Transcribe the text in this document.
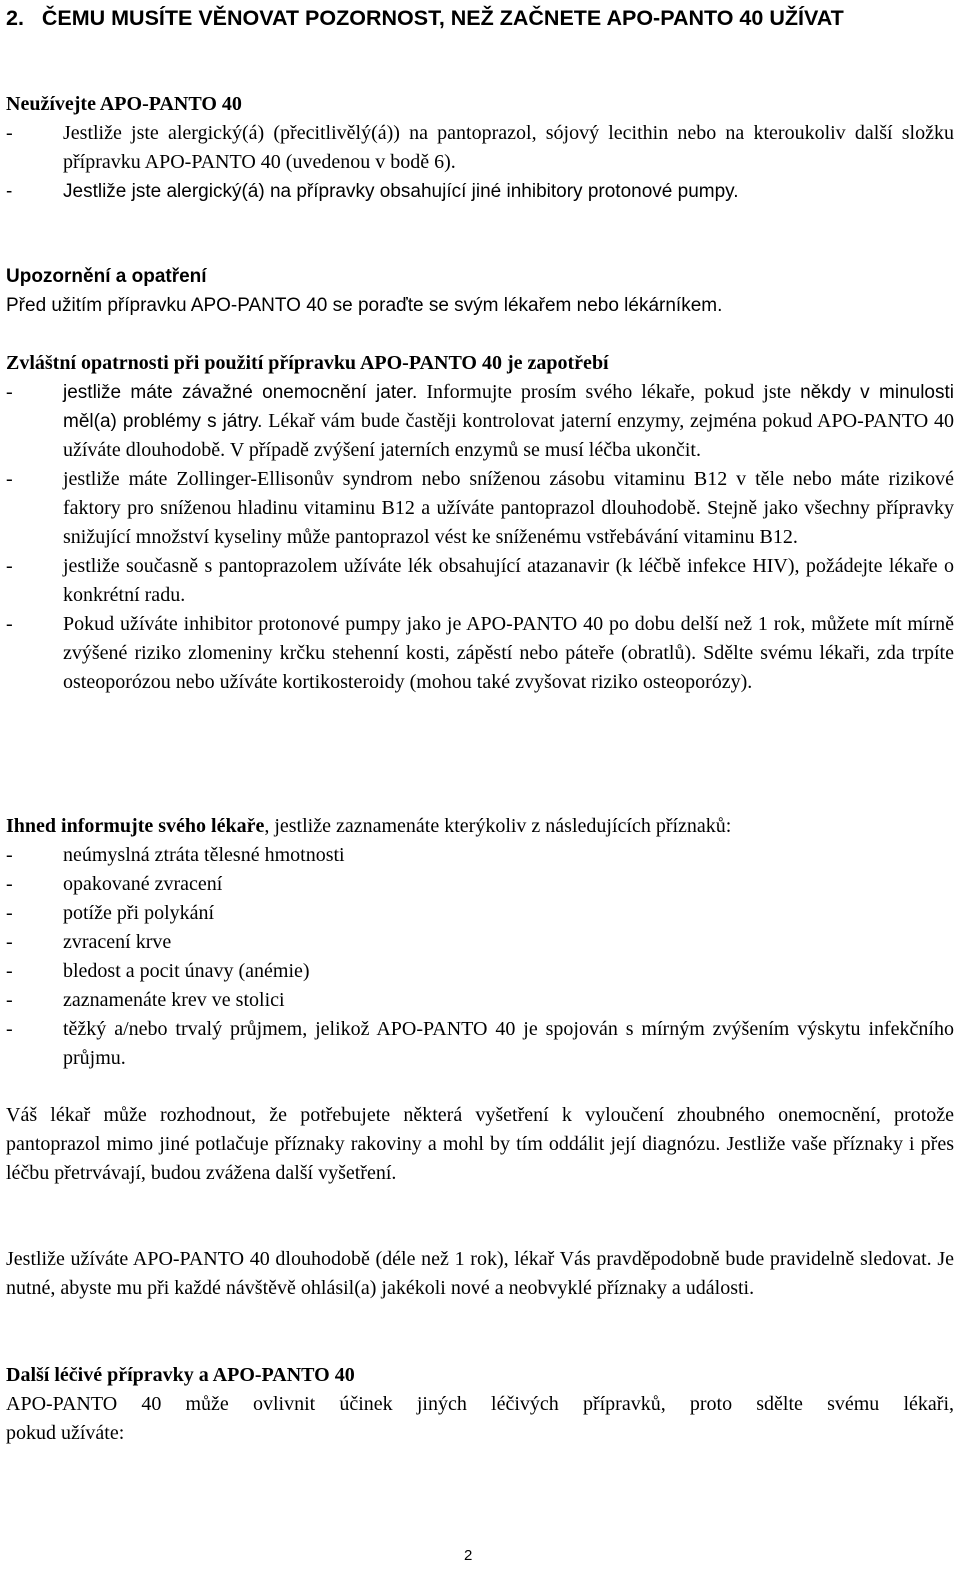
2.   ČEMU MUSÍTE VĚNOVAT POZORNOST, NEŽ ZAČNETE APO-PANTO 40 UŽÍVAT
Neužívejte APO-PANTO 40
- Jestliže jste alergický(á) (přecitlivělý(á)) na pantoprazol, sójový lecithin nebo na kteroukoliv další složku přípravku APO-PANTO 40 (uvedenou v bodě 6).
- Jestliže jste alergický(á) na přípravky obsahující jiné inhibitory protonové pumpy.
Upozornění a opatření

Před užitím přípravku APO-PANTO 40 se poraďte se svým lékařem nebo lékárníkem.

Zvláštní opatrnosti při použití přípravku APO-PANTO 40 je zapotřebí
- jestliže máte závažné onemocnění jater. Informujte prosím svého lékaře, pokud jste někdy v minulosti měl(a) problémy s játry. Lékař vám bude častěji kontrolovat jaterní enzymy, zejména pokud APO-PANTO 40 užíváte dlouhodobě. V případě zvýšení jaterních enzymů se musí léčba ukončit.
- jestliže máte Zollinger-Ellisonův syndrom nebo sníženou zásobu vitaminu B12 v těle nebo máte rizikové faktory pro sníženou hladinu vitaminu B12 a užíváte pantoprazol dlouhodobě. Stejně jako všechny přípravky snižující množství kyseliny může pantoprazol vést ke sníženému vstřebávání vitaminu B12.
- jestliže současně s pantoprazolem užíváte lék obsahující atazanavir (k léčbě infekce HIV), požádejte lékaře o konkrétní radu.
- Pokud užíváte inhibitor protonové pumpy jako je APO-PANTO 40 po dobu delší než 1 rok, můžete mít mírně zvýšené riziko zlomeniny krčku stehenní kosti, zápěstí nebo páteře (obratlů). Sdělte svému lékaři, zda trpíte osteoporózou nebo užíváte kortikosteroidy (mohou také zvyšovat riziko osteoporózy).

Ihned informujte svého lékaře, jestliže zaznamenáte kterýkoliv z následujících příznaků:

- neúmyslná ztráta tělesné hmotnosti
- opakované zvracení
- potíže při polykání
- zvracení krve
- bledost a pocit únavy (anémie)
- zaznamenáte krev ve stolici
- těžký a/nebo trvalý průjmem, jelikož APO-PANTO 40 je spojován s mírným zvýšením výskytu infekčního průjmu.

Váš lékař může rozhodnout, že potřebujete některá vyšetření k vyloučení zhoubného onemocnění, protože pantoprazol mimo jiné potlačuje příznaky rakoviny a mohl by tím oddálit její diagnózu. Jestliže vaše příznaky i přes léčbu přetrvávají, budou zvážena další vyšetření.

Jestliže užíváte APO-PANTO 40 dlouhodobě (déle než 1 rok), lékař Vás pravděpodobně bude pravidelně sledovat. Je nutné, abyste mu při každé návštěvě ohlásil(a) jakékoli nové a neobvyklé příznaky a události.

Další léčivé přípravky a APO-PANTO 40

APO-PANTO 40 může ovlivnit účinek jiných léčivých přípravků, proto sdělte svému lékaři,

pokud užíváte:

2
